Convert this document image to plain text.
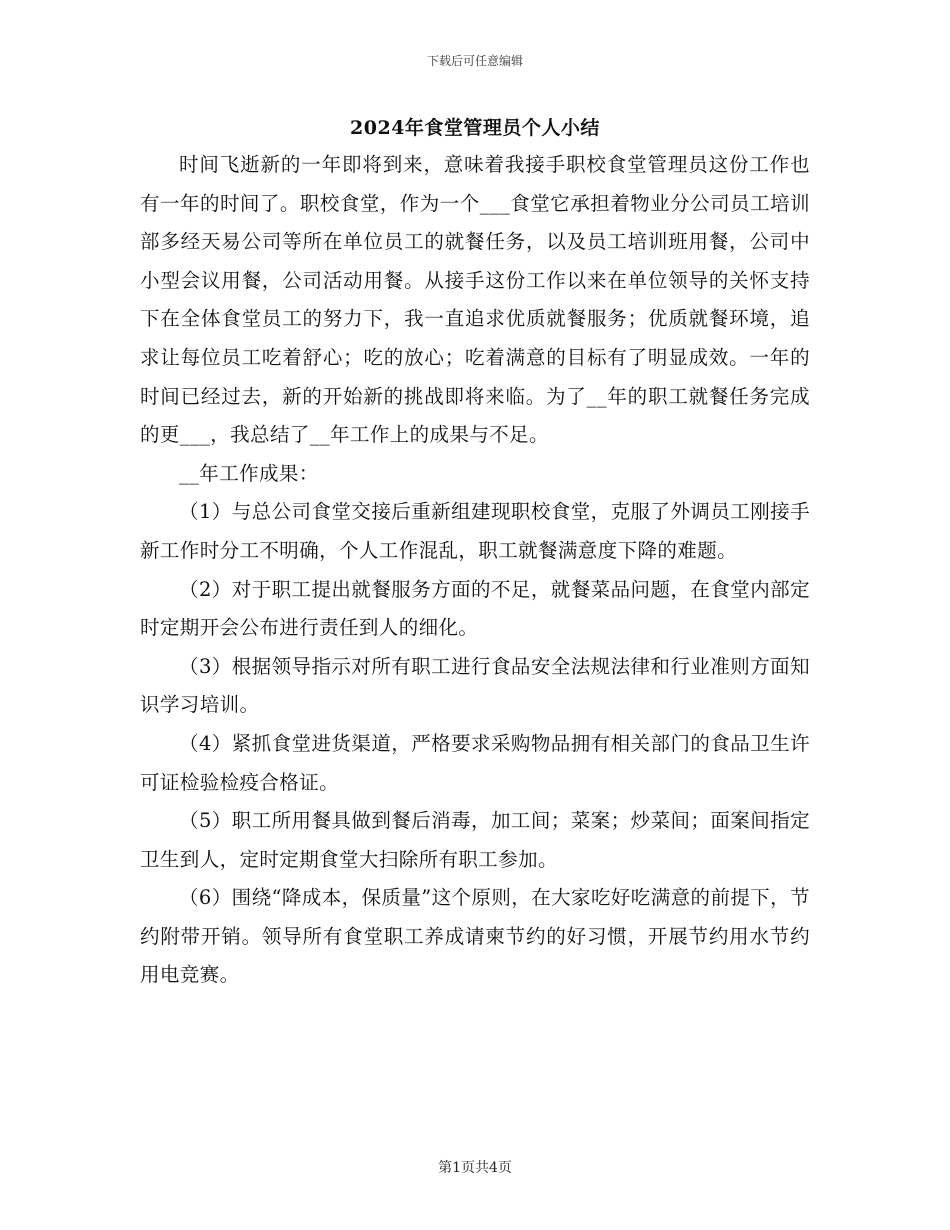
下载后可任意编辑
2024年食堂管理员个人小结

时间飞逝新的一年即将到来，意味着我接手职校食堂管理员这份工作也有一年的时间了。职校食堂，作为一个___食堂它承担着物业分公司员工培训部多经天易公司等所在单位员工的就餐任务，以及员工培训班用餐，公司中小型会议用餐，公司活动用餐。从接手这份工作以来在单位领导的关怀支持下在全体食堂员工的努力下，我一直追求优质就餐服务；优质就餐环境，追求让每位员工吃着舒心；吃的放心；吃着满意的目标有了明显成效。一年的时间已经过去，新的开始新的挑战即将来临。为了__年的职工就餐任务完成的更___，我总结了__年工作上的成果与不足。

__年工作成果：

（1）与总公司食堂交接后重新组建现职校食堂，克服了外调员工刚接手新工作时分工不明确，个人工作混乱，职工就餐满意度下降的难题。

（2）对于职工提出就餐服务方面的不足，就餐菜品问题，在食堂内部定时定期开会公布进行责任到人的细化。

（3）根据领导指示对所有职工进行食品安全法规法律和行业准则方面知识学习培训。

（4）紧抓食堂进货渠道，严格要求采购物品拥有相关部门的食品卫生许可证检验检疫合格证。

（5）职工所用餐具做到餐后消毒，加工间；菜案；炒菜间；面案间指定卫生到人，定时定期食堂大扫除所有职工参加。

（6）围绕“降成本，保质量”这个原则，在大家吃好吃满意的前提下，节约附带开销。领导所有食堂职工养成请柬节约的好习惯，开展节约用水节约用电竞赛。

第1页共4页
